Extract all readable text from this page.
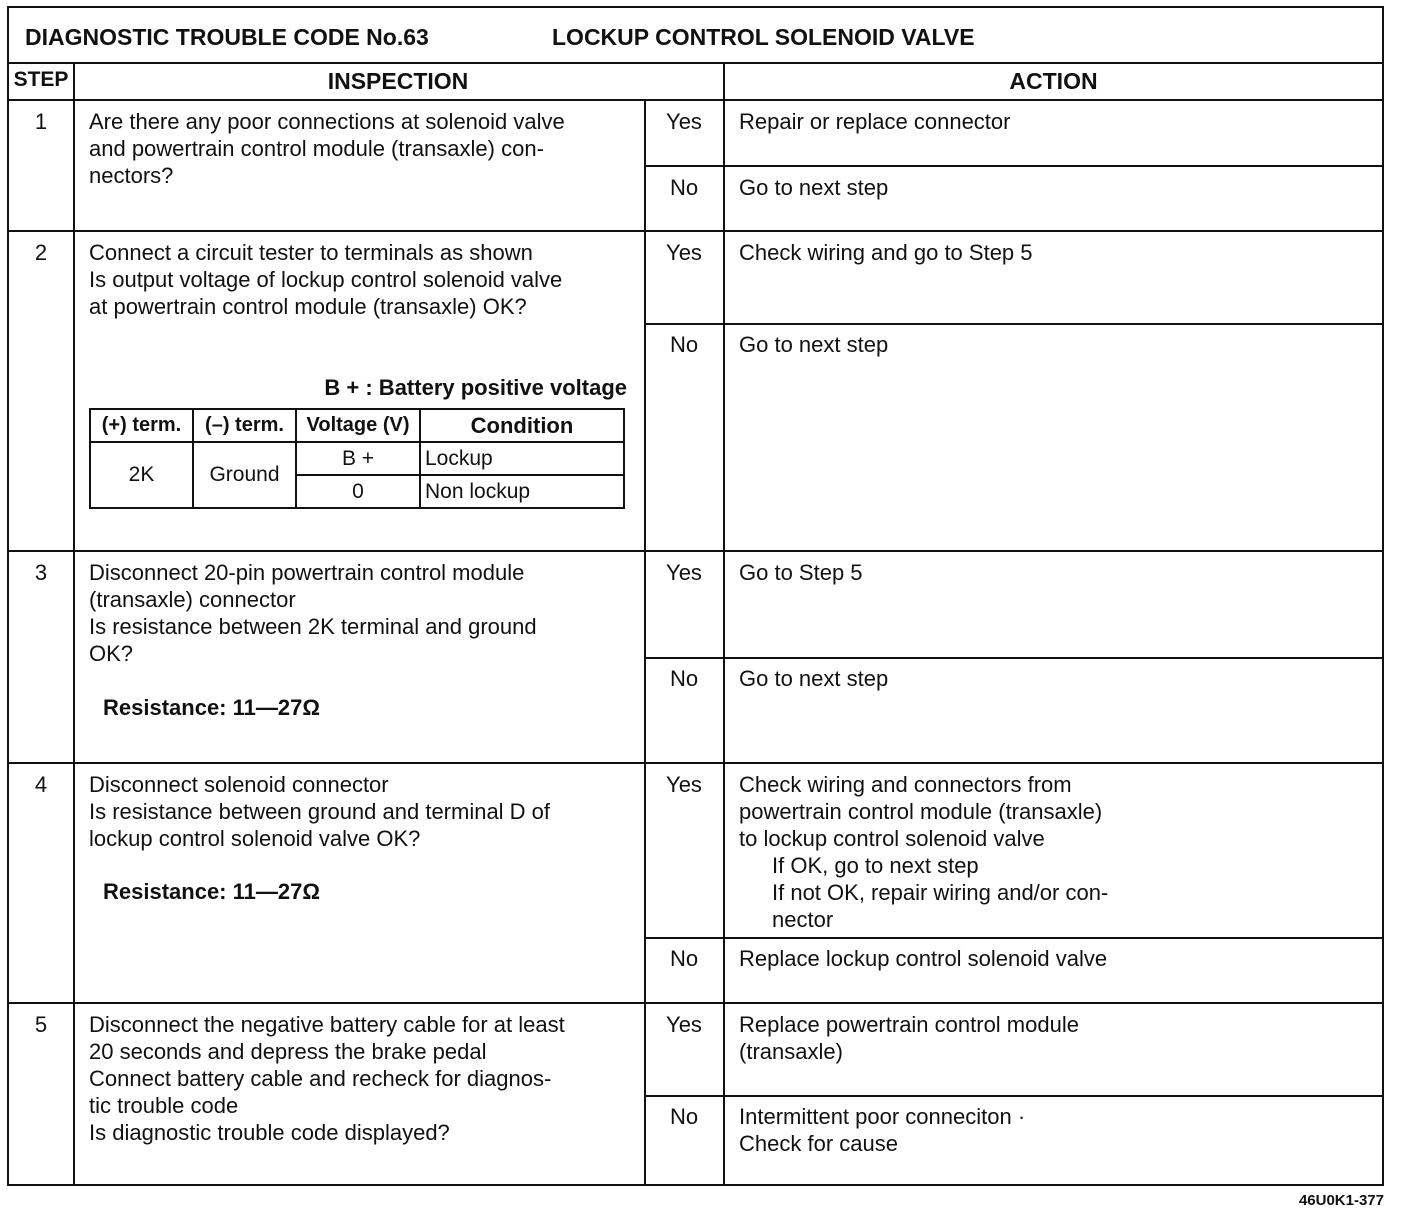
DIAGNOSTIC TROUBLE CODE No.63	LOCKUP CONTROL SOLENOID VALVE
STEP	INSPECTION	ACTION
1	Are there any poor connections at solenoid valve
and powertrain control module (transaxle) con-
nectors?
Yes	Repair or replace connector
No	Go to next step
2	Connect a circuit tester to terminals as shown
Is output voltage of lockup control solenoid valve
at powertrain control module (transaxle) OK?
B + : Battery positive voltage
(+) term.	(–) term.	Voltage (V)	Condition
2K	Ground	B +	Lockup
		0	Non lockup
Yes	Check wiring and go to Step 5
No	Go to next step
3	Disconnect 20-pin powertrain control module
(transaxle) connector
Is resistance between 2K terminal and ground
OK?
Resistance: 11—27Ω
Yes	Go to Step 5
No	Go to next step
4	Disconnect solenoid connector
Is resistance between ground and terminal D of
lockup control solenoid valve OK?
Resistance: 11—27Ω
Yes	Check wiring and connectors from
powertrain control module (transaxle)
to lockup control solenoid valve
If OK, go to next step
If not OK, repair wiring and/or con-
nector
No	Replace lockup control solenoid valve
5	Disconnect the negative battery cable for at least
20 seconds and depress the brake pedal
Connect battery cable and recheck for diagnos-
tic trouble code
Is diagnostic trouble code displayed?
Yes	Replace powertrain control module
(transaxle)
No	Intermittent poor conneciton ·
Check for cause
46U0K1-377
